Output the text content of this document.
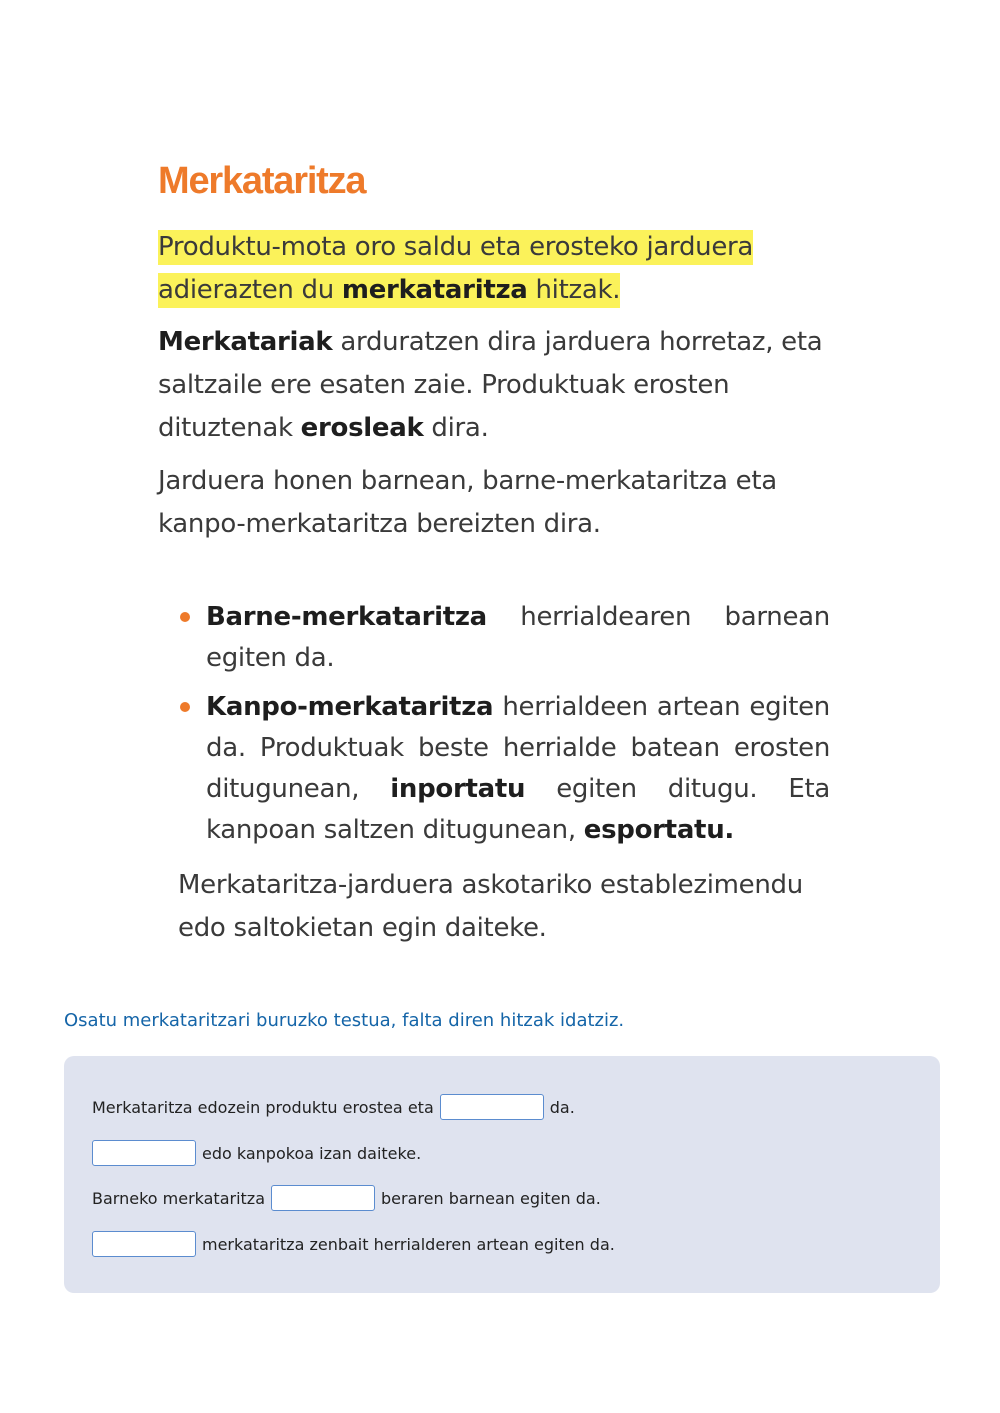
Merkataritza

Produktu-mota oro saldu eta erosteko jarduera adierazten du merkataritza hitzak.

Merkatariak arduratzen dira jarduera horretaz, eta saltzaile ere esaten zaie. Produktuak erosten dituztenak erosleak dira.

Jarduera honen barnean, barne-merkataritza eta kanpo-merkataritza bereizten dira.

Barne-merkataritza herrialdearen barnean egiten da.
Kanpo-merkataritza herrialdeen artean egiten da. Produktuak beste herrialde batean erosten ditugunean, inportatu egiten ditugu. Eta kanpoan saltzen ditugunean, esportatu.

Merkataritza-jarduera askotariko establezimendu edo saltokietan egin daiteke.

Osatu merkataritzari buruzko testua, falta diren hitzak idatziz.

Merkataritza edozein produktu erostea eta	da.
edo kanpokoa izan daiteke.
Barneko merkataritza	beraren barnean egiten da.
merkataritza zenbait herrialderen artean egiten da.
